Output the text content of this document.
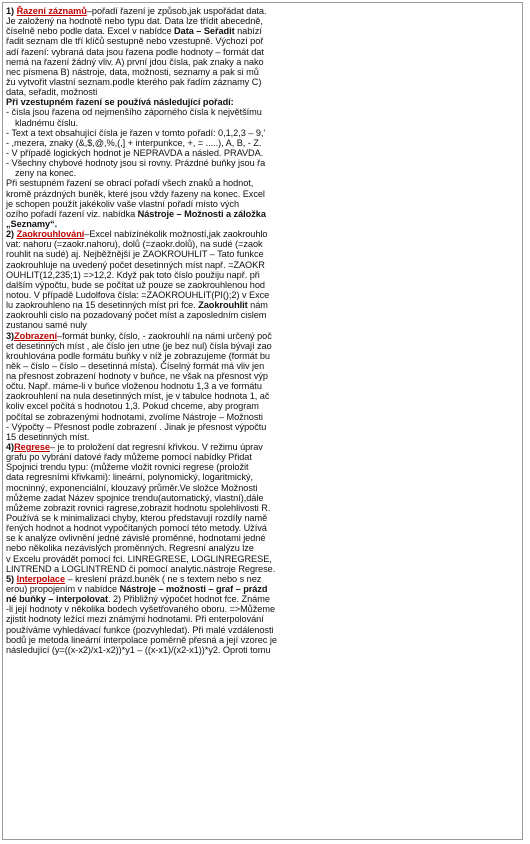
1) Řazení záznamů–pořadí řazení je způsob,jak uspořádat data.
Je založený na hodnotě nebo typu dat. Data lze třídit abecedně,
číselně nebo podle data. Excel v nabídce Data – Seřadit nabízí
řadit seznam dle tří klíčů sestupně nebo vzestupně. Výchozí poř
adí řazení: vybraná data jsou řazena podle hodnoty – formát dat
nemá na řazení žádný vliv. A) první jdou čísla, pak znaky a nako
nec písmena B) nástroje, data, možnosti, seznamy a pak si mů
žu vytvořit vlastní seznam.podle kterého pak řadím záznamy C)
data, seřadit, možnosti
Při vzestupném řazení se používá následující pořadí:
- čísla jsou řazena od nejmenšího záporného čísla k největšímu
kladnému číslu.
- Text a text obsahující čísla je řazen v tomto pořadí: 0,1,2,3 – 9,'
- ,mezera, znaky (&,$,@,%,(,] + interpunkce, +, = .....), A, B, - Z.
- V případě logických hodnot je NEPRAVDA a násled. PRAVDA.
- Všechny chybové hodnoty jsou si rovny. Prázdné buňky jsou řa
zeny na konec.
Při sestupném řazení se obrací pořadí všech znaků a hodnot,
kromě prázdných buněk, které jsou vždy řazeny na konec. Excel
je schopen použít jakékoliv vaše vlastní pořadí místo vých
ozího pořadí řazení viz. nabídka Nástroje – Možnosti a záložka
„Seznamy“.
2) Zaokrouhlování–Excel nabízínékolik možností,jak zaokrouhlo
vat: nahoru (=zaokr.nahoru), dolů (=zaokr.dolů), na sudé (=zaok
rouhlit na sudé) aj. Nejběžnější je ZAOKROUHLIT – Tato funkce
zaokrouhluje na uvedený počet desetinných míst např. =ZAOKR
OUHLIT(12,235;1) =>12,2. Když pak toto číslo použiju např. při
dalším výpočtu, bude se počítat už pouze se zaokrouhlenou hod
notou. V případě Ludolfova čísla: =ZAOKROUHLIT(PI();2) v Exce
lu zaokrouhleno na 15 desetinných míst pri fce. Zaokrouhlit nám
zaokrouhli cislo na pozadovaný počet míst a zaposledním cislem
zustanou samé nuly
3)Zobrazení–formát bunky, číslo, - zaokrouhlí na námi určený poč
et desetinných míst , ale číslo jen utne (je bez nul) čísla bývají zao
krouhlována podle formátu buňky v níž je zobrazujeme (formát bu
něk – číslo – číslo – desetinná místa). Číselný formát má vliv jen
na přesnost zobrazení hodnoty v buňce, ne však na přesnost výp
očtu. Např. máme-li v buňce vloženou hodnotu 1,3 a ve formátu
zaokrouhlení na nula desetinných míst, je v tabulce hodnota 1, ač
koliv excel počítá s hodnotou 1,3. Pokud chceme, aby program
počítal se zobrazenými hodnotami, zvolíme Nástroje – Možnosti
- Výpočty – Přesnost podle zobrazení . Jinak je přesnost výpočtu
15 desetinných míst.
4)Regrese– je to proložení dat regresní křivkou. V režimu úprav
grafu po vybrání datové řady můžeme pomocí nabídky Přidat
Spojnici trendu typu: (můžeme vložit rovnici regrese (proložit
data regresními křivkami): lineární, polynomický, logaritmický,
mocninný, exponenciální, klouzavý průměr.Ve složce Možnosti
můžeme zadat Název spojnice trendu(automatický, vlastní),dále
můžeme zobrazit rovnici ragrese,zobrazit hodnotu spolehlivosti R.
Používá se k minimalizaci chyby, kterou představují rozdíly namě
řených hodnot a hodnot vypočítaných pomocí této metody. Užívá
se k analýze ovlivnění jedné závislé proměnné, hodnotami jedné
nebo několika nezávislých proměnných. Regresní analýzu lze
v Excelu provádět pomocí fcí. LINREGRESE, LOGLINREGRESE,
LINTREND a LOGLINTREND či pomocí analytic.nástroje Regrese.
5) Interpolace – kreslení prázd.buněk ( ne s textem nebo s nez
erou) propojením v nabídce Nástroje – možnosti – graf – prázd
né buňky – interpolovat. 2) Přibližný výpočet hodnot fce. Známe
-li její hodnoty v několika bodech vyšetřovaného oboru. =>Můžeme
zjistit hodnoty ležící mezi známými hodnotami. Při enterpolování
používáme vyhledávací funkce (pozvyhledat). Při malé vzdálenosti
bodů je metoda lineární interpolace poměrně přesná a její vzorec je
následující (y=((x-x2)/x1-x2))*y1 – ((x-x1)/(x2-x1))*y2. Oproti tomu
